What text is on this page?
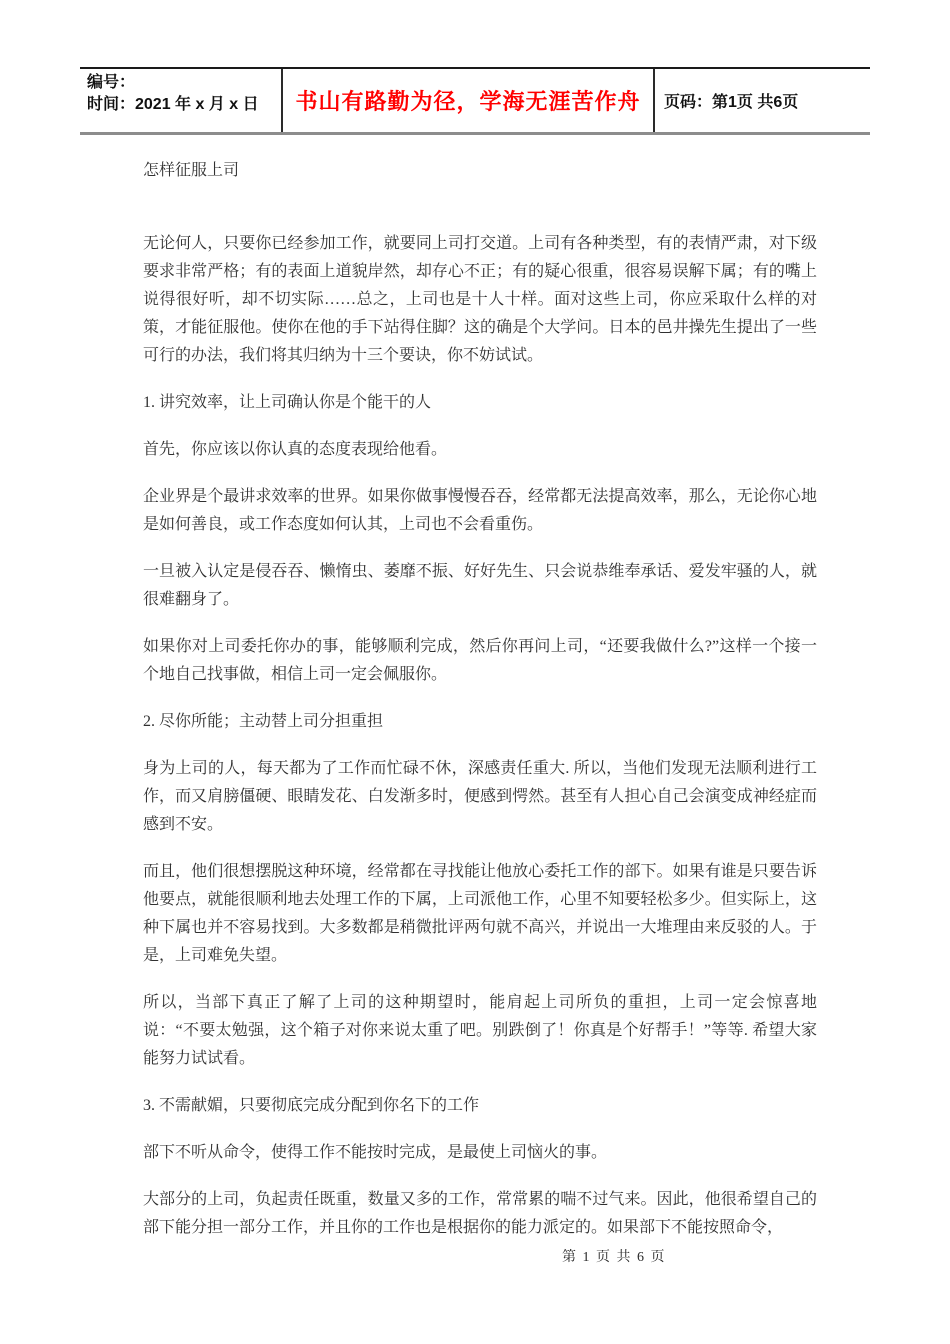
编号：
时间：2021 年 x 月 x 日	书山有路勤为径，学海无涯苦作舟 页码：第1页 共6页

怎样征服上司

无论何人，只要你已经参加工作，就要同上司打交道。上司有各种类型，有的表情严肃，对下级要求非常严格；有的表面上道貌岸然，却存心不正；有的疑心很重，很容易误解下属；有的嘴上说得很好听，却不切实际……总之，上司也是十人十样。面对这些上司，你应采取什么样的对策，才能征服他。使你在他的手下站得住脚？这的确是个大学问。日本的邑井操先生提出了一些可行的办法，我们将其归纳为十三个要诀，你不妨试试。

1. 讲究效率，让上司确认你是个能干的人

首先，你应该以你认真的态度表现给他看。

企业界是个最讲求效率的世界。如果你做事慢慢吞吞，经常都无法提高效率，那么，无论你心地是如何善良，或工作态度如何认其，上司也不会看重伤。

一旦被入认定是侵吞吞、懒惰虫、萎靡不振、好好先生、只会说恭维奉承话、爱发牢骚的人，就很难翻身了。

如果你对上司委托你办的事，能够顺利完成，然后你再问上司，“还要我做什么?”这样一个接一个地自己找事做，相信上司一定会佩服你。

2. 尽你所能；主动替上司分担重担

身为上司的人，每天都为了工作而忙碌不休，深感责任重大. 所以，当他们发现无法顺利进行工作，而又肩膀僵硬、眼睛发花、白发渐多时，便感到愕然。甚至有人担心自己会演变成神经症而感到不安。

而且，他们很想摆脱这种环境，经常都在寻找能让他放心委托工作的部下。如果有谁是只要告诉他要点，就能很顺利地去处理工作的下属，上司派他工作，心里不知要轻松多少。但实际上，这种下属也并不容易找到。大多数都是稍微批评两句就不高兴，并说出一大堆理由来反驳的人。于是，上司难免失望。

所以，当部下真正了解了上司的这种期望时，能肩起上司所负的重担，上司一定会惊喜地说：“不要太勉强，这个箱子对你来说太重了吧。别跌倒了！你真是个好帮手！”等等. 希望大家能努力试试看。

3. 不需献媚，只要彻底完成分配到你名下的工作

部下不听从命令，使得工作不能按时完成，是最使上司恼火的事。

大部分的上司，负起责任既重，数量又多的工作，常常累的喘不过气来。因此，他很希望自己的部下能分担一部分工作，并且你的工作也是根据你的能力派定的。如果部下不能按照命令，

第 1 页 共 6 页
